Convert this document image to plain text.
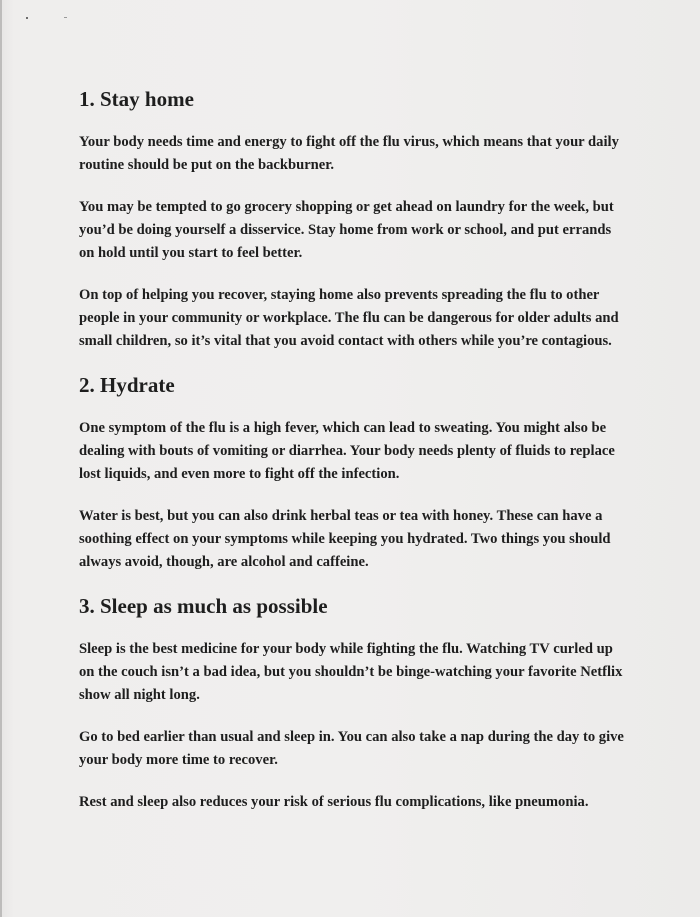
1. Stay home

Your body needs time and energy to fight off the flu virus, which means that your daily routine should be put on the backburner.

You may be tempted to go grocery shopping or get ahead on laundry for the week, but you’d be doing yourself a disservice. Stay home from work or school, and put errands on hold until you start to feel better.

On top of helping you recover, staying home also prevents spreading the flu to other people in your community or workplace. The flu can be dangerous for older adults and small children, so it’s vital that you avoid contact with others while you’re contagious.

2. Hydrate

One symptom of the flu is a high fever, which can lead to sweating. You might also be dealing with bouts of vomiting or diarrhea. Your body needs plenty of fluids to replace lost liquids, and even more to fight off the infection.

Water is best, but you can also drink herbal teas or tea with honey. These can have a soothing effect on your symptoms while keeping you hydrated. Two things you should always avoid, though, are alcohol and caffeine.

3. Sleep as much as possible

Sleep is the best medicine for your body while fighting the flu. Watching TV curled up on the couch isn’t a bad idea, but you shouldn’t be binge-watching your favorite Netflix show all night long.

Go to bed earlier than usual and sleep in. You can also take a nap during the day to give your body more time to recover.

Rest and sleep also reduces your risk of serious flu complications, like pneumonia.
